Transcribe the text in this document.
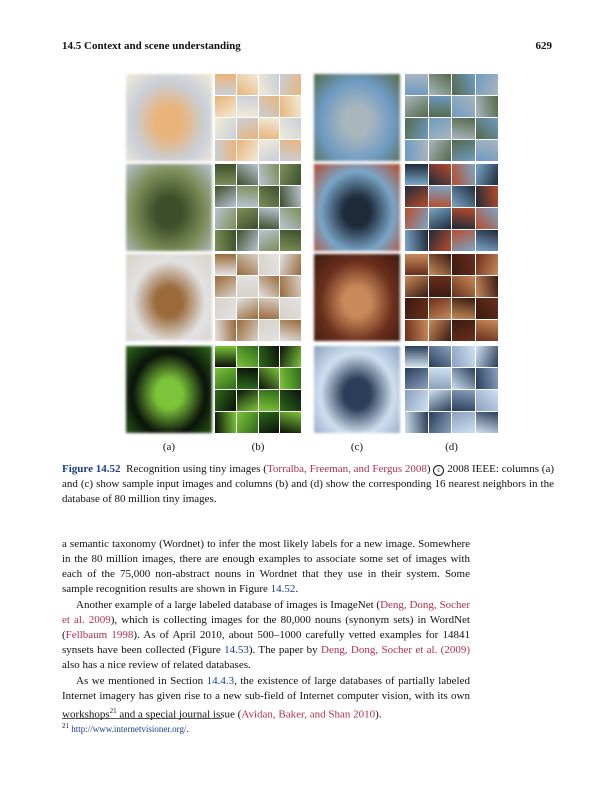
14.5 Context and scene understanding	629
(a)	(b)	(c)	(d)
Figure 14.52 Recognition using tiny images (Torralba, Freeman, and Fergus 2008) c 2008 IEEE: columns (a) and (c) show sample input images and columns (b) and (d) show the corresponding 16 nearest neighbors in the database of 80 million tiny images.

a semantic taxonomy (Wordnet) to infer the most likely labels for a new image. Somewhere in the 80 million images, there are enough examples to associate some set of images with each of the 75,000 non-abstract nouns in Wordnet that they use in their system. Some sample recognition results are shown in Figure 14.52.

Another example of a large labeled database of images is ImageNet (Deng, Dong, Socher et al. 2009), which is collecting images for the 80,000 nouns (synonym sets) in WordNet (Fellbaum 1998). As of April 2010, about 500–1000 carefully vetted examples for 14841 synsets have been collected (Figure 14.53). The paper by Deng, Dong, Socher et al. (2009) also has a nice review of related databases.

As we mentioned in Section 14.4.3, the existence of large databases of partially labeled Internet imagery has given rise to a new sub-field of Internet computer vision, with its own workshops$^{21}$ and a special journal issue (Avidan, Baker, and Shan 2010).

$^{21}$ http://www.internetvisioner.org/.
